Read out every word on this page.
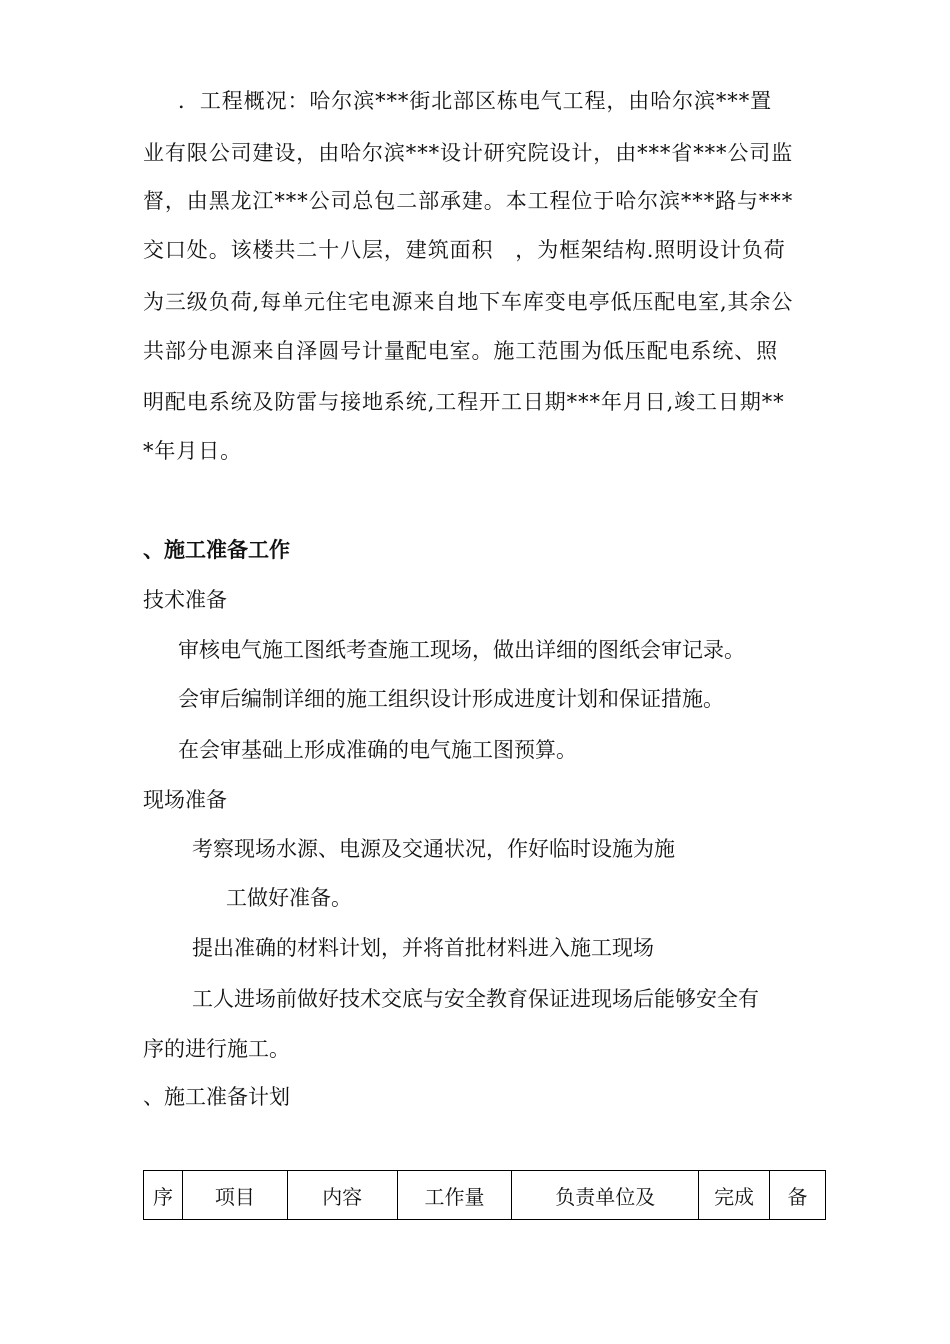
．工程概况：哈尔滨***街北部区栋电气工程，由哈尔滨***置
业有限公司建设，由哈尔滨***设计研究院设计，由***省***公司监
督，由黑龙江***公司总包二部承建。本工程位于哈尔滨***路与***
交口处。该楼共二十八层，建筑面积　，为框架结构.照明设计负荷
为三级负荷,每单元住宅电源来自地下车库变电亭低压配电室,其余公
共部分电源来自泽圆号计量配电室。施工范围为低压配电系统、照
明配电系统及防雷与接地系统,工程开工日期***年月日,竣工日期**
*年月日。
、施工准备工作
技术准备
审核电气施工图纸考查施工现场，做出详细的图纸会审记录。
会审后编制详细的施工组织设计形成进度计划和保证措施。
在会审基础上形成准确的电气施工图预算。
现场准备
考察现场水源、电源及交通状况，作好临时设施为施
工做好准备。
提出准确的材料计划，并将首批材料进入施工现场
工人进场前做好技术交底与安全教育保证进现场后能够安全有
序的进行施工。
、施工准备计划
序	项目	内容	工作量	负责单位及	完成	备
